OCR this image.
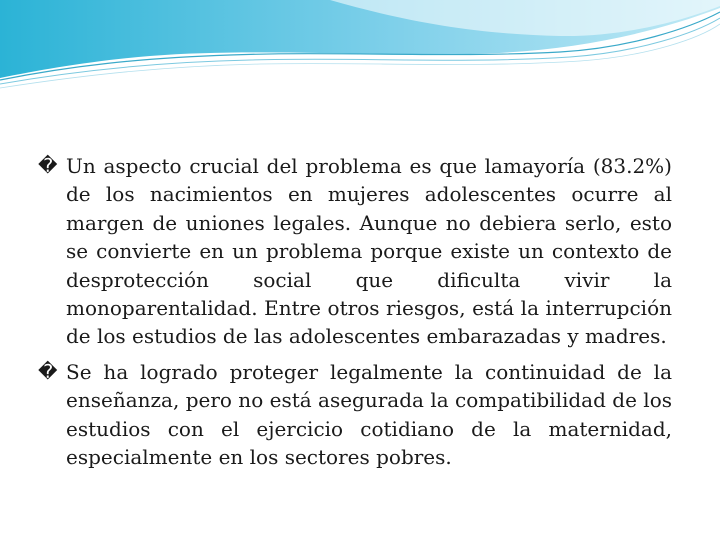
� Un aspecto crucial del problema es que lamayoría (83.2%) de los nacimientos en mujeres adolescentes ocurre al margen de uniones legales. Aunque no debiera serlo, esto se convierte en un problema porque existe un contexto de desprotección social que dificulta vivir la monoparentalidad. Entre otros riesgos, está la interrupción de los estudios de las adolescentes embarazadas y madres.

� Se ha logrado proteger legalmente la continuidad de la enseñanza, pero no está asegurada la compatibilidad de los estudios con el ejercicio cotidiano de la maternidad, especialmente en los sectores pobres.
